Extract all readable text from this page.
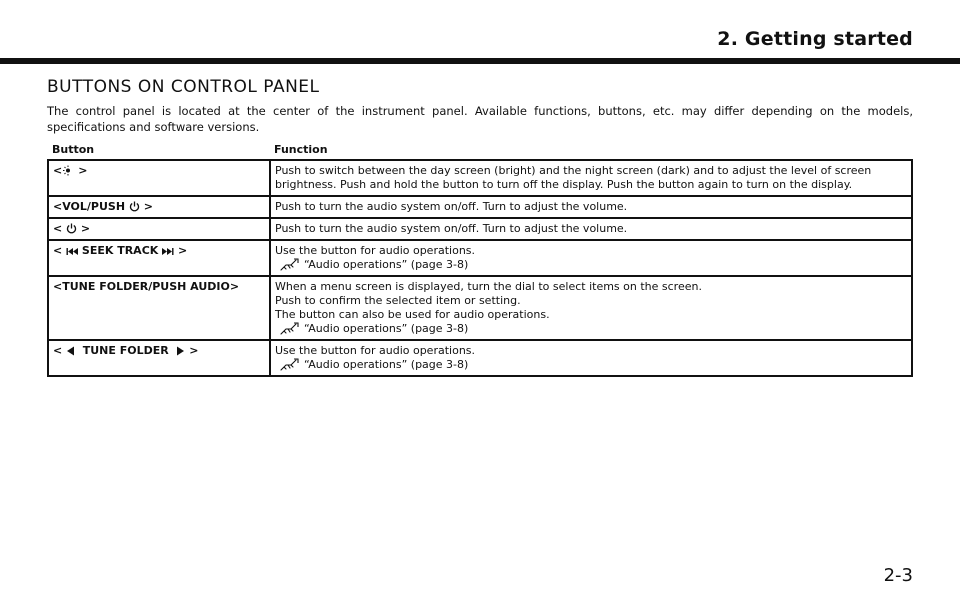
2. Getting started
BUTTONS ON CONTROL PANEL
The control panel is located at the center of the instrument panel. Available functions, buttons, etc. may differ depending on the models, specifications and software versions.
Button	Function
< >	Push to switch between the day screen (bright) and the night screen (dark) and to adjust the level of screen brightness. Push and hold the button to turn off the display. Push the button again to turn on the display.
<VOL/PUSH >	Push to turn the audio system on/off. Turn to adjust the volume.
< >	Push to turn the audio system on/off. Turn to adjust the volume.
< SEEK TRACK >	Use the button for audio operations.
“Audio operations” (page 3-8)

<TUNE FOLDER/PUSH AUDIO>	When a menu screen is displayed, turn the dial to select items on the screen.
Push to confirm the selected item or setting.
The button can also be used for audio operations.
“Audio operations” (page 3-8)

< TUNE FOLDER >	Use the button for audio operations.
“Audio operations” (page 3-8)
2-3
